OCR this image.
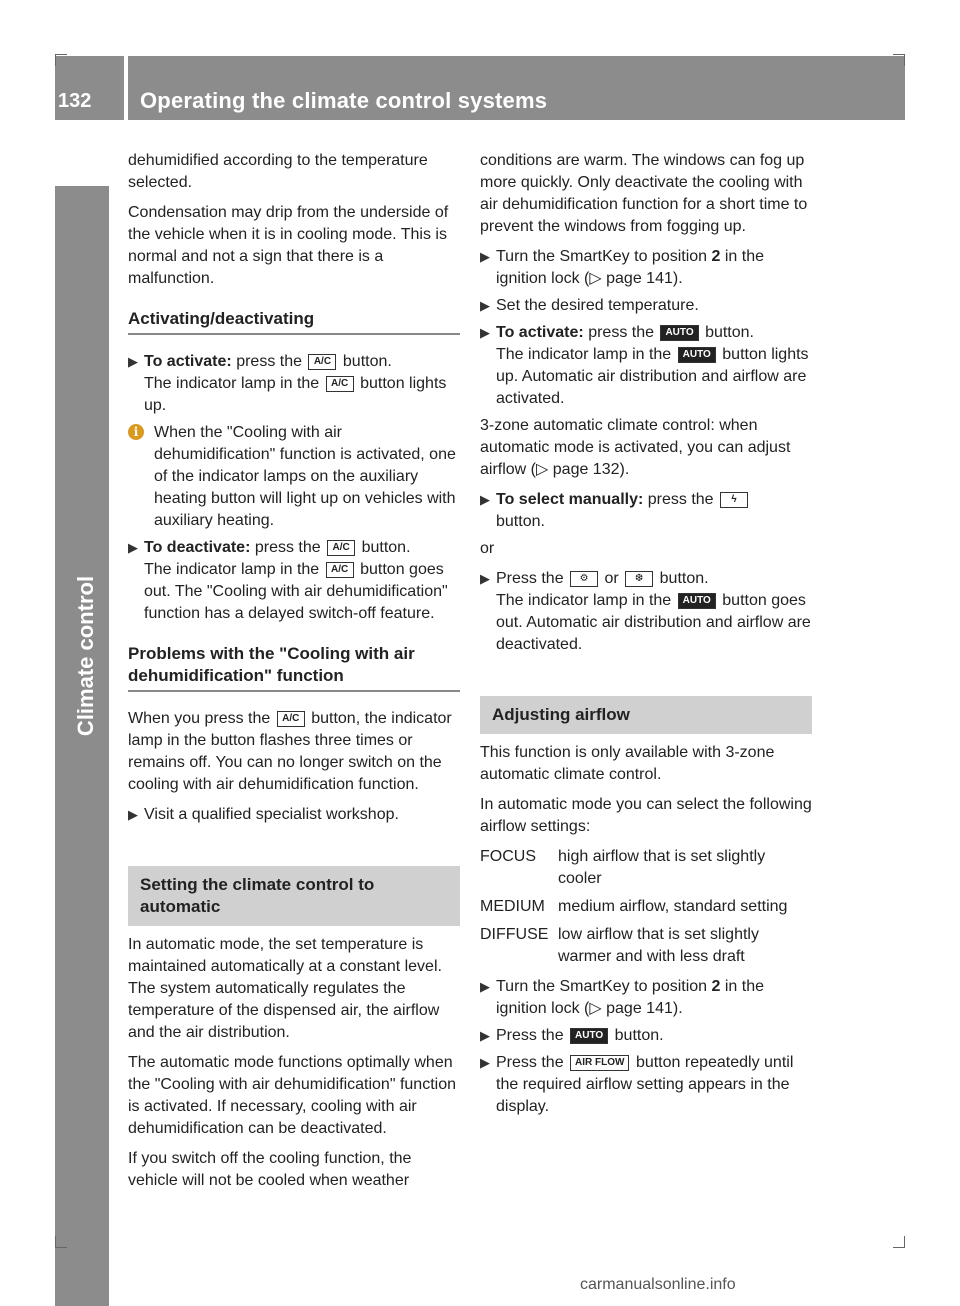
132 Operating the climate control systems
Climate control

dehumidified according to the temperature selected.

Condensation may drip from the underside of the vehicle when it is in cooling mode. This is normal and not a sign that there is a malfunction.

Activating/deactivating
▶ To activate: press the A/C button.
The indicator lamp in the A/C button lights up.
i When the "Cooling with air dehumidification" function is activated, one of the indicator lamps on the auxiliary heating button will light up on vehicles with auxiliary heating.
▶ To deactivate: press the A/C button.
The indicator lamp in the A/C button goes out. The "Cooling with air dehumidification" function has a delayed switch-off feature.
Problems with the "Cooling with air dehumidification" function

When you press the A/C button, the indicator lamp in the button flashes three times or remains off. You can no longer switch on the cooling with air dehumidification function.

▶ Visit a qualified specialist workshop.
Setting the climate control to automatic

In automatic mode, the set temperature is maintained automatically at a constant level. The system automatically regulates the temperature of the dispensed air, the airflow and the air distribution.

The automatic mode functions optimally when the "Cooling with air dehumidification" function is activated. If necessary, cooling with air dehumidification can be deactivated.

If you switch off the cooling function, the vehicle will not be cooled when weather

conditions are warm. The windows can fog up more quickly. Only deactivate the cooling with air dehumidification function for a short time to prevent the windows from fogging up.

▶ Turn the SmartKey to position 2 in the ignition lock (▷ page 141).
▶ Set the desired temperature.
▶ To activate: press the AUTO button.
The indicator lamp in the AUTO button lights up. Automatic air distribution and airflow are activated.

3-zone automatic climate control: when automatic mode is activated, you can adjust airflow (▷ page 132).

▶ To select manually: press the ϟ
button.

or

▶ Press the ⚙ or ❆ button.
The indicator lamp in the AUTO button goes out. Automatic air distribution and airflow are deactivated.
Adjusting airflow

This function is only available with 3-zone automatic climate control.

In automatic mode you can select the following airflow settings:

FOCUS	high airflow that is set slightly cooler
MEDIUM medium airflow, standard setting
DIFFUSE low airflow that is set slightly warmer and with less draft
▶ Turn the SmartKey to position 2 in the ignition lock (▷ page 141).
▶ Press the AUTO button.
▶ Press the AIR FLOW button repeatedly until the required airflow setting appears in the display.
carmanualsonline.info
